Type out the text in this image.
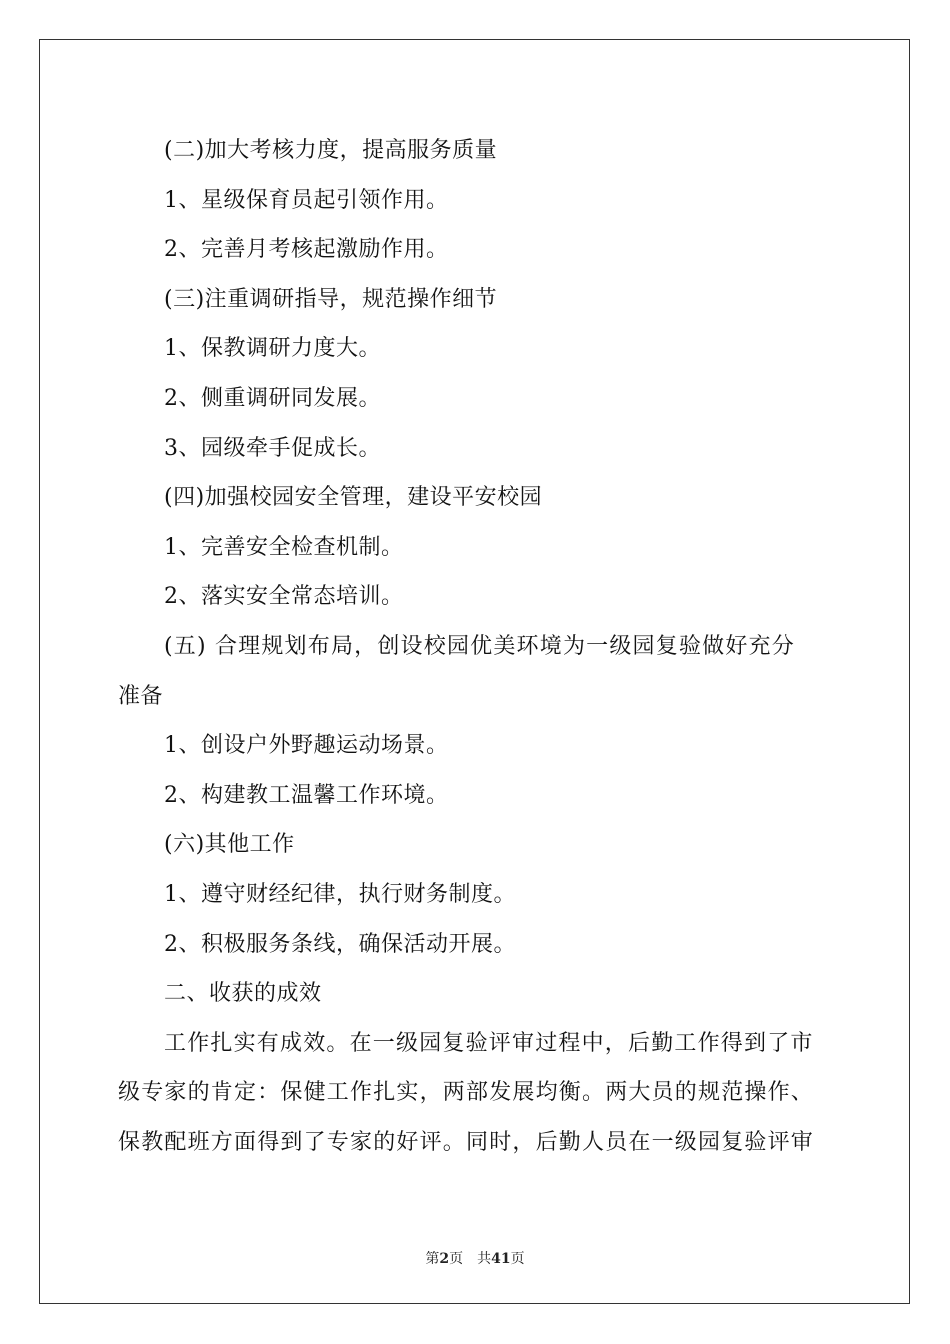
(二)加大考核力度，提高服务质量
1、星级保育员起引领作用。
2、完善月考核起激励作用。
(三)注重调研指导，规范操作细节
1、保教调研力度大。
2、侧重调研同发展。
3、园级牵手促成长。
(四)加强校园安全管理，建设平安校园
1、完善安全检查机制。
2、落实安全常态培训。
(五) 合理规划布局，创设校园优美环境为一级园复验做好充分
准备
1、创设户外野趣运动场景。
2、构建教工温馨工作环境。
(六)其他工作
1、遵守财经纪律，执行财务制度。
2、积极服务条线，确保活动开展。
二、收获的成效
工作扎实有成效。在一级园复验评审过程中，后勤工作得到了市
级专家的肯定：保健工作扎实，两部发展均衡。两大员的规范操作、
保教配班方面得到了专家的好评。同时，后勤人员在一级园复验评审
第2页 共41页
